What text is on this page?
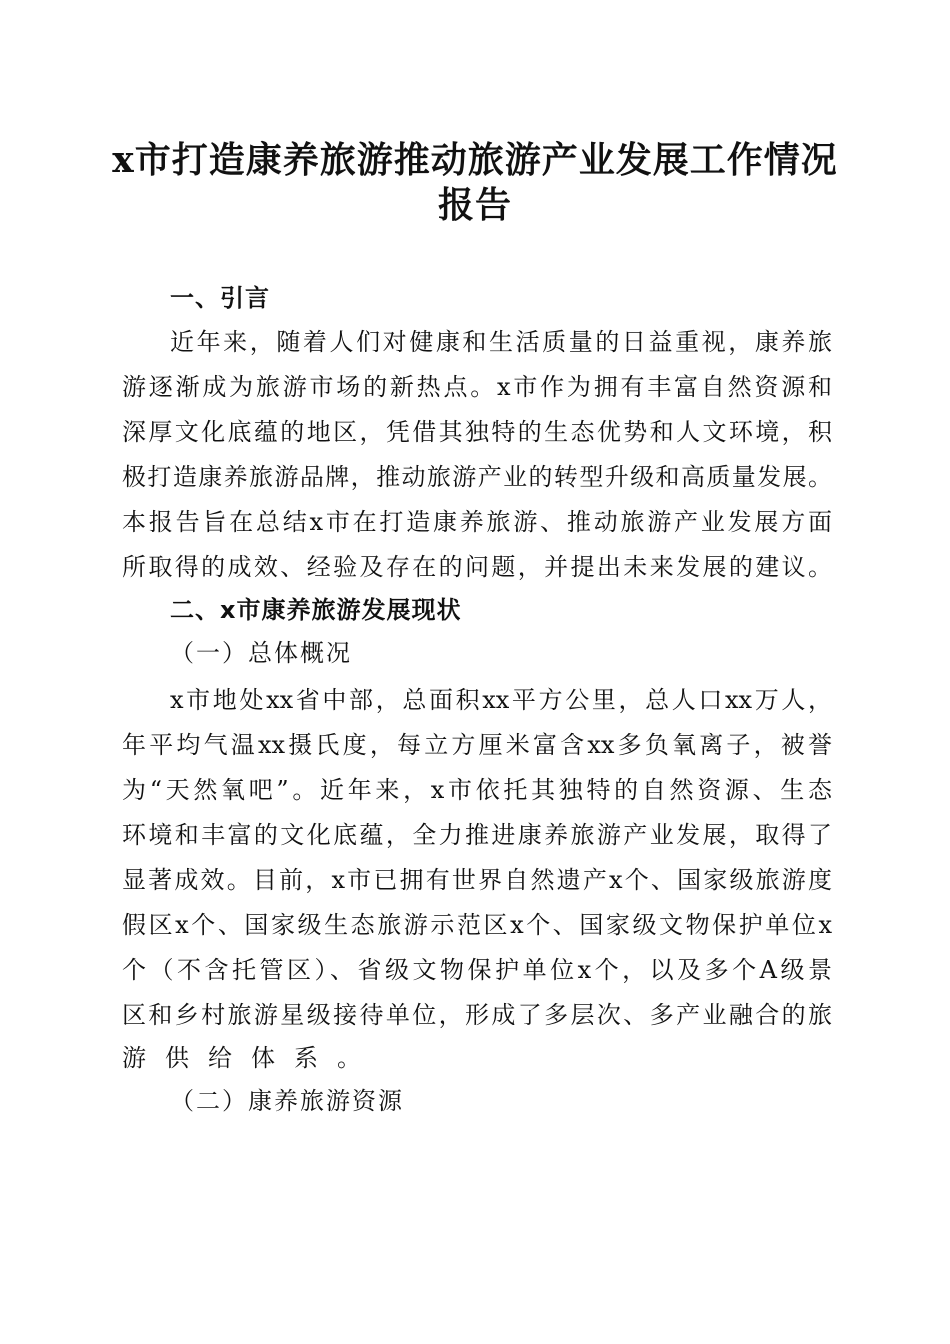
x市打造康养旅游推动旅游产业发展工作情况
报告
一、引言
近年来，随着人们对健康和生活质量的日益重视，康养旅
游逐渐成为旅游市场的新热点。x市作为拥有丰富自然资源和
深厚文化底蕴的地区，凭借其独特的生态优势和人文环境，积
极打造康养旅游品牌，推动旅游产业的转型升级和高质量发展。
本报告旨在总结x市在打造康养旅游、推动旅游产业发展方面
所取得的成效、经验及存在的问题，并提出未来发展的建议。
二、x市康养旅游发展现状
（一）总体概况
x市地处xx省中部，总面积xx平方公里，总人口xx万人，
年平均气温xx摄氏度，每立方厘米富含xx多负氧离子，被誉
为“天然氧吧”。近年来，x市依托其独特的自然资源、生态
环境和丰富的文化底蕴，全力推进康养旅游产业发展，取得了
显著成效。目前，x市已拥有世界自然遗产x个、国家级旅游度
假区x个、国家级生态旅游示范区x个、国家级文物保护单位x
个（不含托管区）、省级文物保护单位x个，以及多个A级景
区和乡村旅游星级接待单位，形成了多层次、多产业融合的旅
游供给体系。
（二）康养旅游资源
